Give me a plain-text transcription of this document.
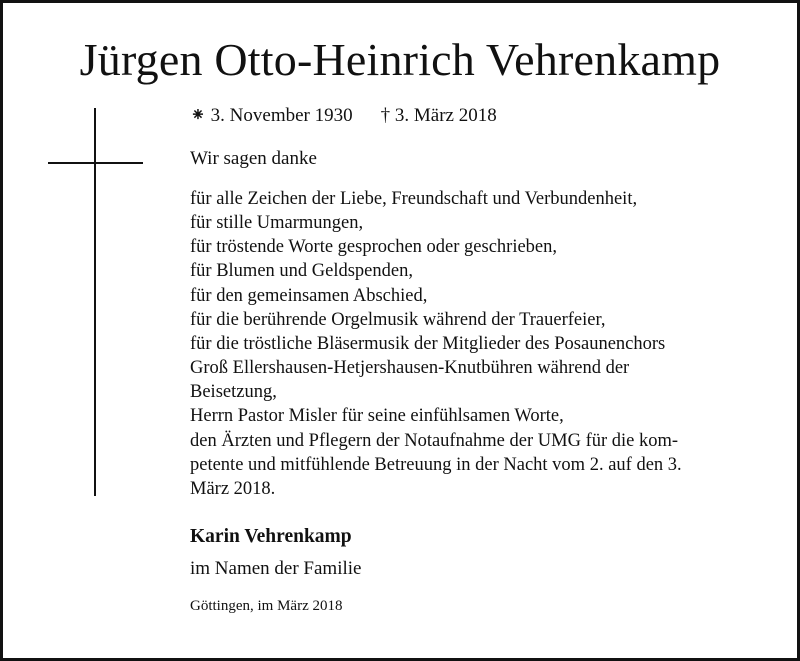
Jürgen Otto-Heinrich Vehrenkamp
⁕ 3. November 1930 † 3. März 2018
Wir sagen danke
für alle Zeichen der Liebe, Freundschaft und Verbundenheit,
für stille Umarmungen,
für tröstende Worte gesprochen oder geschrieben,
für Blumen und Geldspenden,
für den gemeinsamen Abschied,
für die berührende Orgelmusik während der Trauerfeier,
für die tröstliche Bläsermusik der Mitglieder des Posaunenchors
Groß Ellershausen-Hetjershausen-Knutbühren während der
Beisetzung,
Herrn Pastor Misler für seine einfühlsamen Worte,
den Ärzten und Pflegern der Notaufnahme der UMG für die kom-
petente und mitfühlende Betreuung in der Nacht vom 2. auf den 3.
März 2018.
Karin Vehrenkamp
im Namen der Familie
Göttingen, im März 2018
